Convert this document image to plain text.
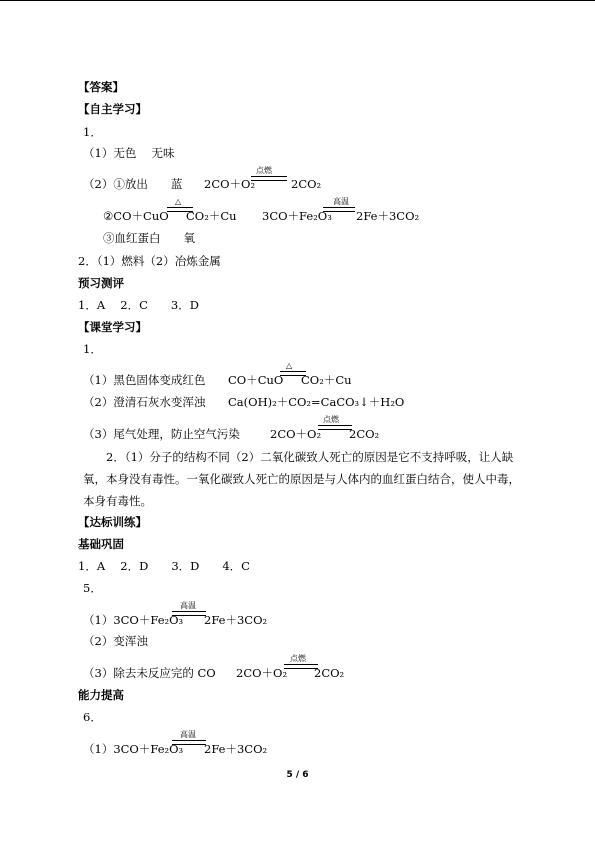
【答案】
【自主学习】
1．
（1）无色　 无味
（2）①放出　　蓝 2CO＋O₂
点燃
2CO₂
②CO＋CuO
△
CO₂＋Cu 3CO＋Fe₂O₃
高温
2Fe＋3CO₂
③血红蛋白　　氧
2．（1）燃料（2）冶炼金属
预习测评
1．A　 2．C　　3．D
【课堂学习】
1．
（1）黑色固体变成红色 CO＋CuO
△
CO₂＋Cu
（2）澄清石灰水变浑浊 Ca(OH)₂＋CO₂=CaCO₃↓＋H₂O
（3）尾气处理，防止空气污染	2CO＋O₂
点燃
2CO₂
2．（1）分子的结构不同（2）二氧化碳致人死亡的原因是它不支持呼吸，让人缺氧，本身没有毒性。一氧化碳致人死亡的原因是与人体内的血红蛋白结合，使人中毒，本身有毒性。
【达标训练】
基础巩固
1．A　 2．D　　3．D　　4．C
5．
（1）3CO＋Fe₂O₃
高温
2Fe＋3CO₂
（2）变浑浊
（3）除去未反应完的 CO 2CO＋O₂
点燃
2CO₂
能力提高
6．
（1）3CO＋Fe₂O₃
高温
2Fe＋3CO₂
5 / 6
